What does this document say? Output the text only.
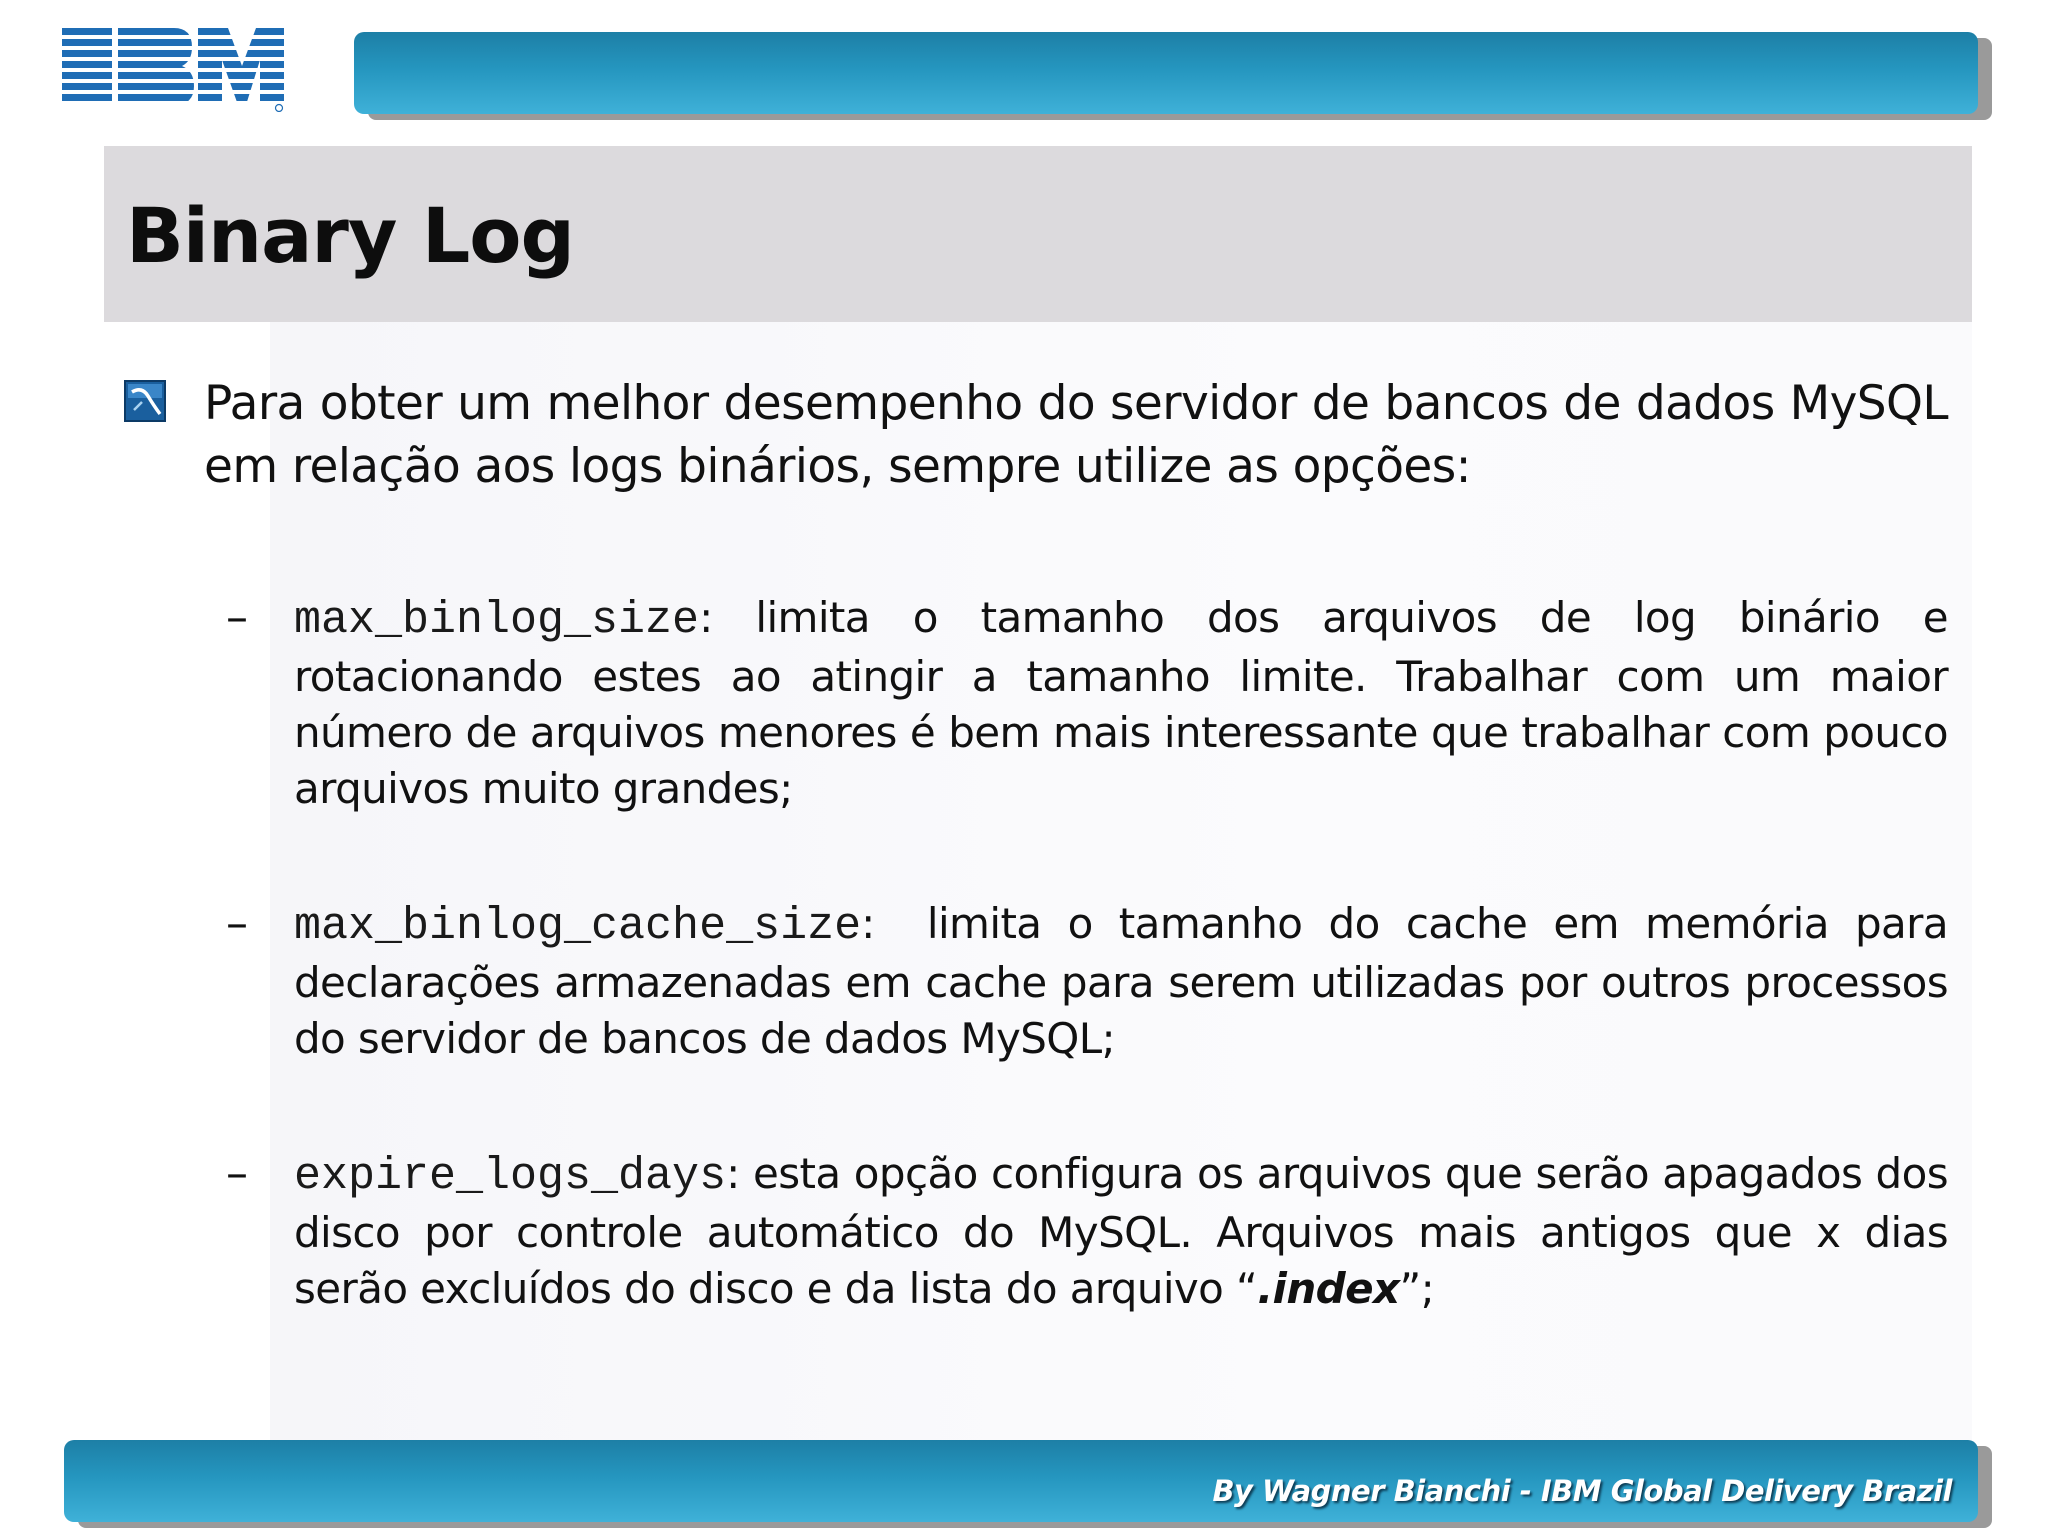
Binary Log
Para obter um melhor desempenho do servidor de bancos de dados MySQL em relação aos logs binários, sempre utilize as opções:
– max_binlog_size: limita o tamanho dos arquivos de log binário e rotacionando estes ao atingir a tamanho limite. Trabalhar com um maior número de arquivos menores é bem mais interessante que trabalhar com pouco arquivos muito grandes;
– max_binlog_cache_size:  limita o tamanho do cache em memória para declarações armazenadas em cache para serem utilizadas por outros processos do servidor de bancos de dados MySQL;
– expire_logs_days: esta opção configura os arquivos que serão apagados dos disco por controle automático do MySQL. Arquivos mais antigos que x dias serão excluídos do disco e da lista do arquivo “.index”;
By Wagner Bianchi - IBM Global Delivery Brazil
